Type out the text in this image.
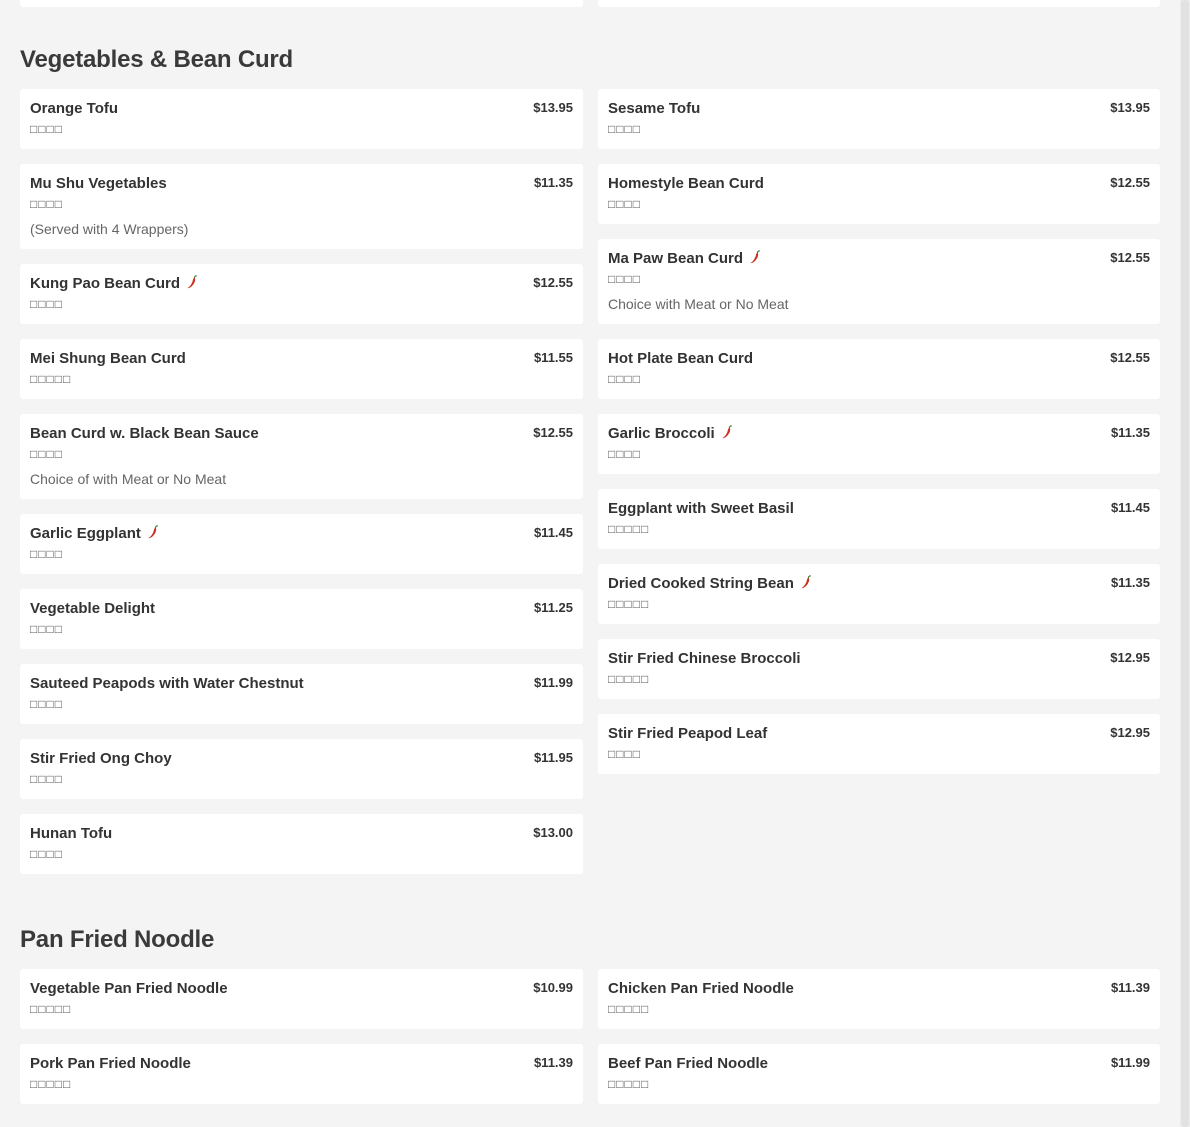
Vegetables & Bean Curd
Orange Tofu	$13.95
□□□□
Mu Shu Vegetables	$11.35
□□□□
(Served with 4 Wrappers)
Kung Pao Bean Curd	$12.55
□□□□
Mei Shung Bean Curd	$11.55
□□□□□
Bean Curd w. Black Bean Sauce	$12.55
□□□□
Choice of with Meat or No Meat
Garlic Eggplant	$11.45
□□□□
Vegetable Delight	$11.25
□□□□
Sauteed Peapods with Water Chestnut	$11.99
□□□□
Stir Fried Ong Choy	$11.95
□□□□
Hunan Tofu	$13.00
□□□□
Sesame Tofu	$13.95
□□□□
Homestyle Bean Curd	$12.55
□□□□
Ma Paw Bean Curd	$12.55
□□□□
Choice with Meat or No Meat
Hot Plate Bean Curd	$12.55
□□□□
Garlic Broccoli	$11.35
□□□□
Eggplant with Sweet Basil	$11.45
□□□□□
Dried Cooked String Bean	$11.35
□□□□□
Stir Fried Chinese Broccoli	$12.95
□□□□□
Stir Fried Peapod Leaf	$12.95
□□□□
Pan Fried Noodle
Vegetable Pan Fried Noodle	$10.99
□□□□□
Pork Pan Fried Noodle	$11.39
□□□□□
Chicken Pan Fried Noodle	$11.39
□□□□□
Beef Pan Fried Noodle	$11.99
□□□□□
